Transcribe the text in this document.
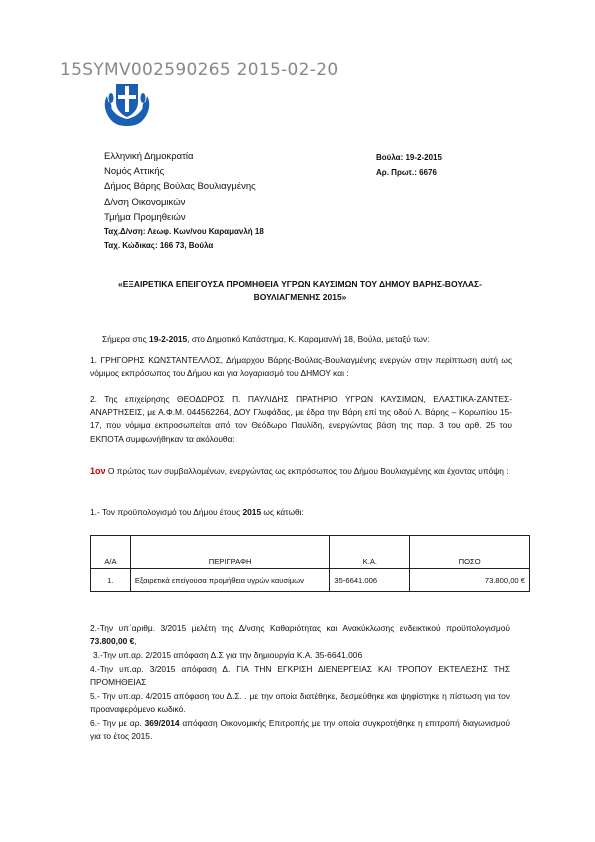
15SYMV002590265 2015-02-20
Ελληνική Δημοκρατία
Νομός Αττικής
Δήμος Βάρης Βούλας Βουλιαγμένης
Δ/νση Οικονομικών
Τμήμα Προμηθειών
Ταχ.Δ/νση: Λεωφ. Κων/νου Καραμανλή 18
Ταχ. Κώδικας: 166 73, Βούλα
Βούλα: 19-2-2015
Αρ. Πρωτ.: 6676
«ΕΞΑΙΡΕΤΙΚΑ ΕΠΕΙΓΟΥΣΑ ΠΡΟΜΗΘΕΙΑ ΥΓΡΩΝ ΚΑΥΣΙΜΩΝ ΤΟΥ ΔΗΜΟΥ ΒΑΡΗΣ-ΒΟΥΛΑΣ-
ΒΟΥΛΙΑΓΜΕΝΗΣ 2015»
Σήμερα στις 19-2-2015, στο Δημοτικό Κατάστημα, Κ. Καραμανλή 18, Βούλα, μεταξύ των:
1. ΓΡΗΓΟΡΗΣ ΚΩΝΣΤΑΝΤΕΛΛΟΣ, Δήμαρχου Βάρης-Βούλας-Βουλιαγμένης ενεργών στην περίπτωση αυτή ως νόμιμος εκπρόσωπος του Δήμου και για λογαριασμό του ΔΗΜΟΥ και :
2. Της επιχείρησης ΘΕΟΔΩΡΟΣ Π. ΠΑΥΛΙΔΗΣ ΠΡΑΤΗΡΙΟ ΥΓΡΩΝ ΚΑΥΣΙΜΩΝ, ΕΛΑΣΤΙΚΑ-ΖΑΝΤΕΣ-ΑΝΑΡΤΗΣΕΙΣ, με Α.Φ.Μ. 044562264, ΔΟΥ Γλυφάδας, με έδρα την Βάρη επί της οδού Λ. Βάρης – Κορωπίου 15-17, που νόμιμα εκπροσωπείται από τον Θεόδωρο Παυλίδη, ενεργώντας βάση της παρ. 3 του αρθ. 25 του ΕΚΠΟΤΑ συμφωνήθηκαν τα ακόλουθα:
1ον Ο πρώτος των συμβαλλομένων, ενεργώντας ως εκπρόσωπος του Δήμου Βουλιαγμένης και έχοντας υπόψη :
1.- Τον προϋπολογισμό του Δήμου έτους 2015 ως κάτωθι:
Α/Α	ΠΕΡΙΓΡΑΦΗ	Κ.Α.	ΠΟΣΟ
1.	Εξαιρετικά επείγουσα προμήθεια υγρών καυσίμων	35-6641.006	73.800,00 €
2.-Την υπ΄αριθμ. 3/2015 μελέτη της Δ/νσης Καθαριότητας και Ανακύκλωσης ενδεικτικού προϋπολογισμού 73.800,00 €,
3.-Την υπ.αρ. 2/2015 απόφαση Δ.Σ για την δημιουργία Κ.Α. 35-6641.006
4.-Την υπ.αρ. 3/2015 απόφαση Δ. ΓΙΑ ΤΗΝ ΕΓΚΡΙΣΗ ΔΙΕΝΕΡΓΕΙΑΣ ΚΑΙ ΤΡΟΠΟΥ ΕΚΤΕΛΕΣΗΣ ΤΗΣ ΠΡΟΜΗΘΕΙΑΣ
5.- Την υπ.αρ. 4/2015 απόφαση του Δ.Σ. . με την οποία διατέθηκε, δεσμεύθηκε και ψηφίστηκε η πίστωση για τον προαναφερόμενο κωδικό.
6.- Την με αρ. 369/2014 απόφαση Οικονομικής Επιτροπής με την οποία συγκροτήθηκε η επιτροπή διαγωνισμού για το έτος 2015.
